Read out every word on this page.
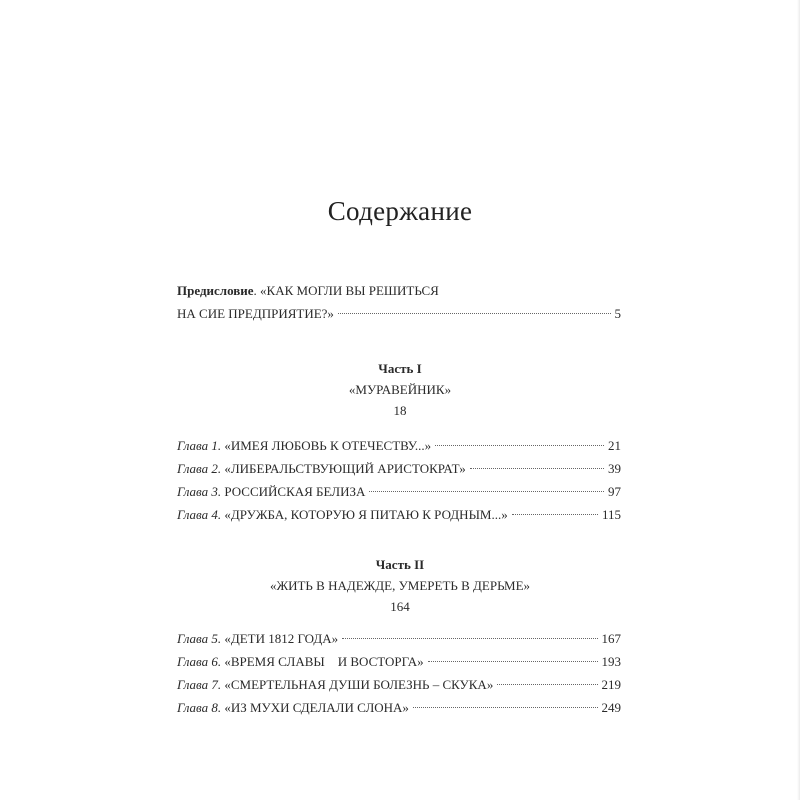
Содержание
Предисловие . «КАК МОГЛИ ВЫ РЕШИТЬСЯ
НА СИЕ ПРЕДПРИЯТИЕ?»	5
Часть I
«МУРАВЕЙНИК»
18
Глава 1. «ИМЕЯ ЛЮБОВЬ К ОТЕЧЕСТВУ...»	21
Глава 2. «ЛИБЕРАЛЬСТВУЮЩИЙ АРИСТОКРАТ»	39
Глава 3. РОССИЙСКАЯ БЕЛИЗА	97
Глава 4. «ДРУЖБА, КОТОРУЮ Я ПИТАЮ К РОДНЫМ...»	115
Часть II
«ЖИТЬ В НАДЕЖДЕ, УМЕРЕТЬ В ДЕРЬМЕ»
164
Глава 5. «ДЕТИ 1812 ГОДА»	167
Глава 6. «ВРЕМЯ СЛАВЫ    И ВОСТОРГА»	193
Глава 7. «СМЕРТЕЛЬНАЯ ДУШИ БОЛЕЗНЬ – СКУКА»	219
Глава 8. «ИЗ МУХИ СДЕЛАЛИ СЛОНА»	249
